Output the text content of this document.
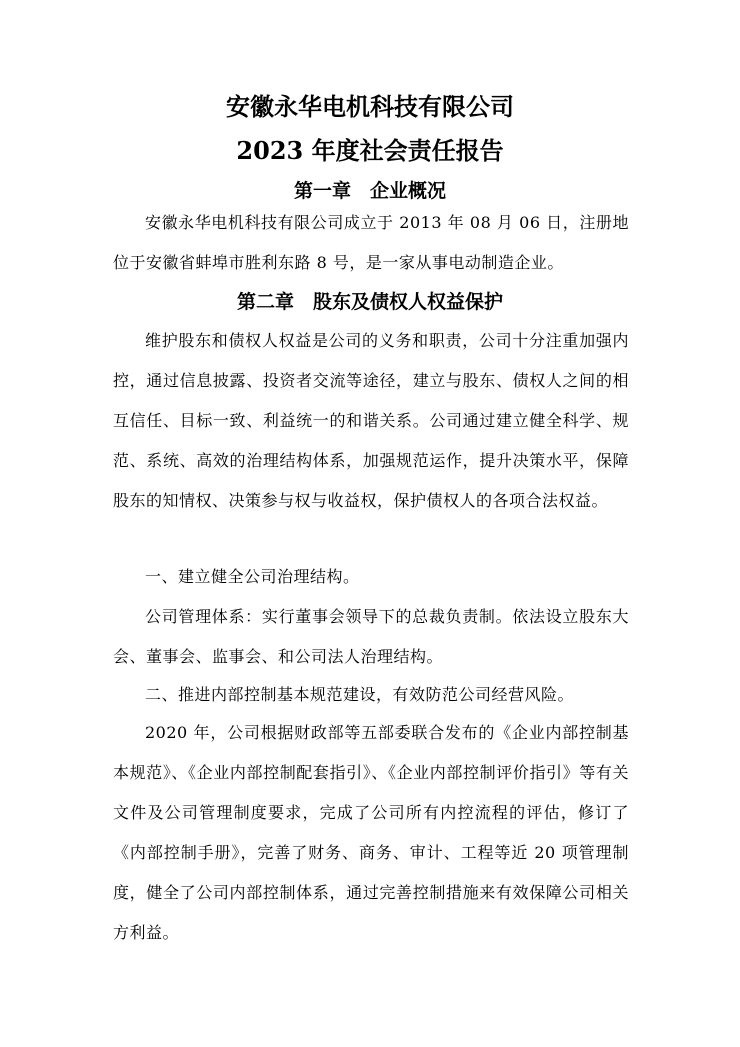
安徽永华电机科技有限公司
2023 年度社会责任报告
第一章　企业概况
安徽永华电机科技有限公司成立于 2013 年 08 月 06 日，注册地位于安徽省蚌埠市胜利东路 8 号，是一家从事电动制造企业。
第二章　股东及债权人权益保护
维护股东和债权人权益是公司的义务和职责，公司十分注重加强内控，通过信息披露、投资者交流等途径，建立与股东、债权人之间的相互信任、目标一致、利益统一的和谐关系。公司通过建立健全科学、规范、系统、高效的治理结构体系，加强规范运作，提升决策水平，保障股东的知情权、决策参与权与收益权，保护债权人的各项合法权益。
一、建立健全公司治理结构。
公司管理体系：实行董事会领导下的总裁负责制。依法设立股东大会、董事会、监事会、和公司法人治理结构。
二、推进内部控制基本规范建设，有效防范公司经营风险。
2020 年，公司根据财政部等五部委联合发布的《企业内部控制基本规范》、《企业内部控制配套指引》、《企业内部控制评价指引》等有关文件及公司管理制度要求，完成了公司所有内控流程的评估，修订了《内部控制手册》，完善了财务、商务、审计、工程等近 20 项管理制度，健全了公司内部控制体系，通过完善控制措施来有效保障公司相关方利益。
